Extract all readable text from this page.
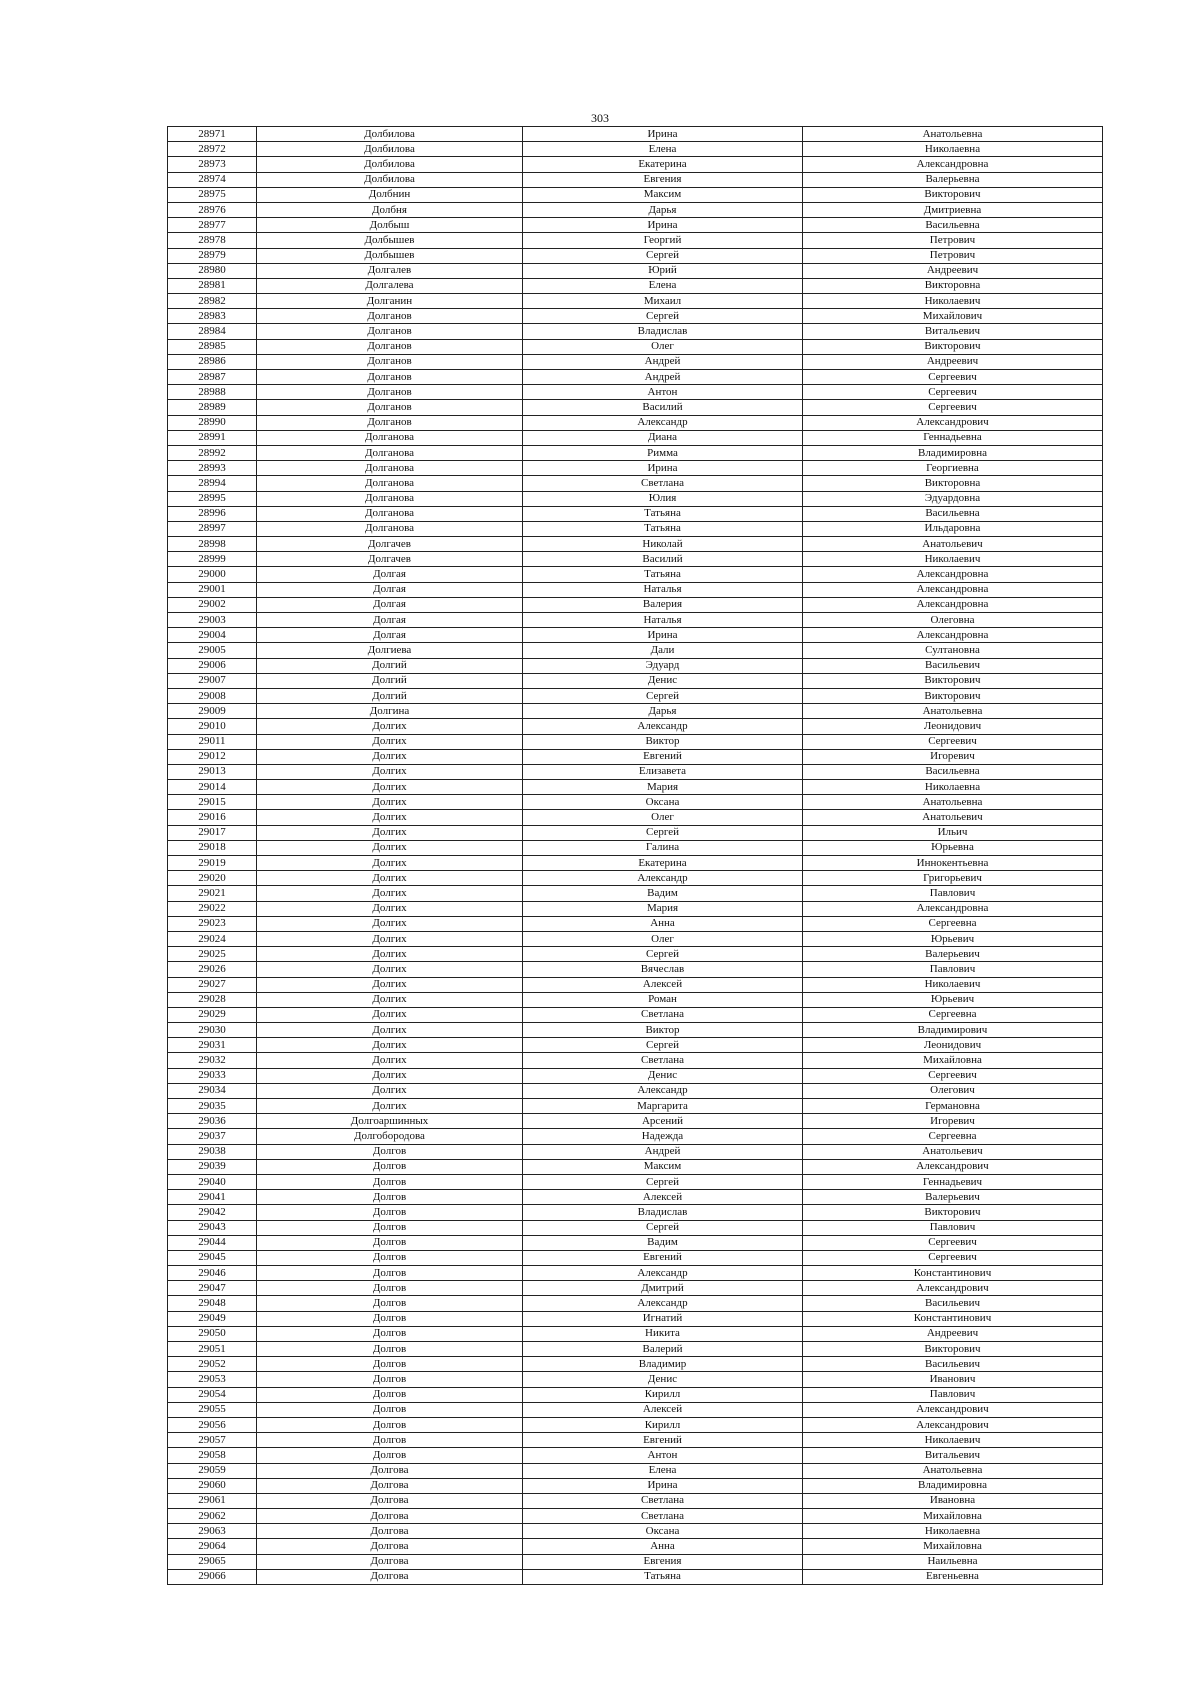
303
28971	Долбилова	Ирина	Анатольевна
28972	Долбилова	Елена	Николаевна
28973	Долбилова	Екатерина	Александровна
28974	Долбилова	Евгения	Валерьевна
28975	Долбнин	Максим	Викторович
28976	Долбня	Дарья	Дмитриевна
28977	Долбыш	Ирина	Васильевна
28978	Долбышев	Георгий	Петрович
28979	Долбышев	Сергей	Петрович
28980	Долгалев	Юрий	Андреевич
28981	Долгалева	Елена	Викторовна
28982	Долганин	Михаил	Николаевич
28983	Долганов	Сергей	Михайлович
28984	Долганов	Владислав	Витальевич
28985	Долганов	Олег	Викторович
28986	Долганов	Андрей	Андреевич
28987	Долганов	Андрей	Сергеевич
28988	Долганов	Антон	Сергеевич
28989	Долганов	Василий	Сергеевич
28990	Долганов	Александр	Александрович
28991	Долганова	Диана	Геннадьевна
28992	Долганова	Римма	Владимировна
28993	Долганова	Ирина	Георгиевна
28994	Долганова	Светлана	Викторовна
28995	Долганова	Юлия	Эдуардовна
28996	Долганова	Татьяна	Васильевна
28997	Долганова	Татьяна	Ильдаровна
28998	Долгачев	Николай	Анатольевич
28999	Долгачев	Василий	Николаевич
29000	Долгая	Татьяна	Александровна
29001	Долгая	Наталья	Александровна
29002	Долгая	Валерия	Александровна
29003	Долгая	Наталья	Олеговна
29004	Долгая	Ирина	Александровна
29005	Долгиева	Дали	Султановна
29006	Долгий	Эдуард	Васильевич
29007	Долгий	Денис	Викторович
29008	Долгий	Сергей	Викторович
29009	Долгина	Дарья	Анатольевна
29010	Долгих	Александр	Леонидович
29011	Долгих	Виктор	Сергеевич
29012	Долгих	Евгений	Игоревич
29013	Долгих	Елизавета	Васильевна
29014	Долгих	Мария	Николаевна
29015	Долгих	Оксана	Анатольевна
29016	Долгих	Олег	Анатольевич
29017	Долгих	Сергей	Ильич
29018	Долгих	Галина	Юрьевна
29019	Долгих	Екатерина	Иннокентьевна
29020	Долгих	Александр	Григорьевич
29021	Долгих	Вадим	Павлович
29022	Долгих	Мария	Александровна
29023	Долгих	Анна	Сергеевна
29024	Долгих	Олег	Юрьевич
29025	Долгих	Сергей	Валерьевич
29026	Долгих	Вячеслав	Павлович
29027	Долгих	Алексей	Николаевич
29028	Долгих	Роман	Юрьевич
29029	Долгих	Светлана	Сергеевна
29030	Долгих	Виктор	Владимирович
29031	Долгих	Сергей	Леонидович
29032	Долгих	Светлана	Михайловна
29033	Долгих	Денис	Сергеевич
29034	Долгих	Александр	Олегович
29035	Долгих	Маргарита	Германовна
29036	Долгоаршинных	Арсений	Игоревич
29037	Долгобородова	Надежда	Сергеевна
29038	Долгов	Андрей	Анатольевич
29039	Долгов	Максим	Александрович
29040	Долгов	Сергей	Геннадьевич
29041	Долгов	Алексей	Валерьевич
29042	Долгов	Владислав	Викторович
29043	Долгов	Сергей	Павлович
29044	Долгов	Вадим	Сергеевич
29045	Долгов	Евгений	Сергеевич
29046	Долгов	Александр	Константинович
29047	Долгов	Дмитрий	Александрович
29048	Долгов	Александр	Васильевич
29049	Долгов	Игнатий	Константинович
29050	Долгов	Никита	Андреевич
29051	Долгов	Валерий	Викторович
29052	Долгов	Владимир	Васильевич
29053	Долгов	Денис	Иванович
29054	Долгов	Кирилл	Павлович
29055	Долгов	Алексей	Александрович
29056	Долгов	Кирилл	Александрович
29057	Долгов	Евгений	Николаевич
29058	Долгов	Антон	Витальевич
29059	Долгова	Елена	Анатольевна
29060	Долгова	Ирина	Владимировна
29061	Долгова	Светлана	Ивановна
29062	Долгова	Светлана	Михайловна
29063	Долгова	Оксана	Николаевна
29064	Долгова	Анна	Михайловна
29065	Долгова	Евгения	Наильевна
29066	Долгова	Татьяна	Евгеньевна
